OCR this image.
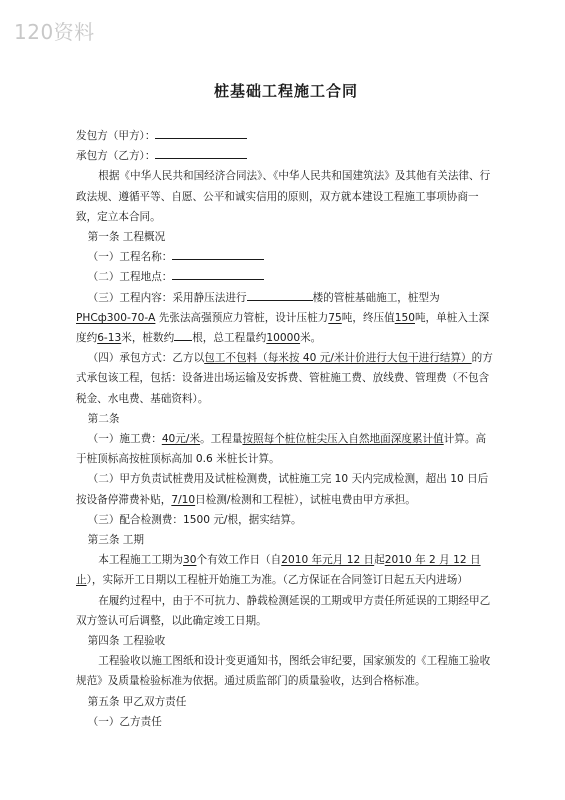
120资料
桩基础工程施工合同

发包方（甲方）：

承包方（乙方）：

根据《中华人民共和国经济合同法》、《中华人民共和国建筑法》及其他有关法律、行政法规、遵循平等、自愿、公平和诚实信用的原则，双方就本建设工程施工事项协商一致，定立本合同。

第一条 工程概况

（一）工程名称：

（二）工程地点：

（三）工程内容：采用静压法进行	楼的管桩基础施工，桩型为PHCф300-70-A 先张法高强预应力管桩，设计压桩力75吨，终压值150吨，单桩入土深度约6-13米，桩数约 根，总工程量约10000米。

（四）承包方式：乙方以包工不包料（每米按 40 元/米计价进行大包干进行结算）的方式承包该工程，包括：设备进出场运输及安拆费、管桩施工费、放线费、管理费（不包含税金、水电费、基础资料）。

第二条

（一）施工费：40元/米。工程量按照每个桩位桩尖压入自然地面深度累计值计算。高于桩顶标高按桩顶标高加 0.6 米桩长计算。

（二）甲方负责试桩费用及试桩检测费，试桩施工完 10 天内完成检测，超出 10 日后按设备停滞费补贴，7/10日检测/检测和工程桩），试桩电费由甲方承担。

（三）配合检测费：1500 元/根，据实结算。

第三条 工期

本工程施工工期为30个有效工作日（自2010 年元月 12 日起2010 年 2 月 12 日止），实际开工日期以工程桩开始施工为准。（乙方保证在合同签订日起五天内进场）

在履约过程中，由于不可抗力、静载检测延误的工期或甲方责任所延误的工期经甲乙双方签认可后调整，以此确定竣工日期。

第四条 工程验收

工程验收以施工图纸和设计变更通知书，图纸会审纪要，国家颁发的《工程施工验收规范》及质量检验标准为依据。通过质监部门的质量验收，达到合格标准。

第五条 甲乙双方责任

（一）乙方责任
